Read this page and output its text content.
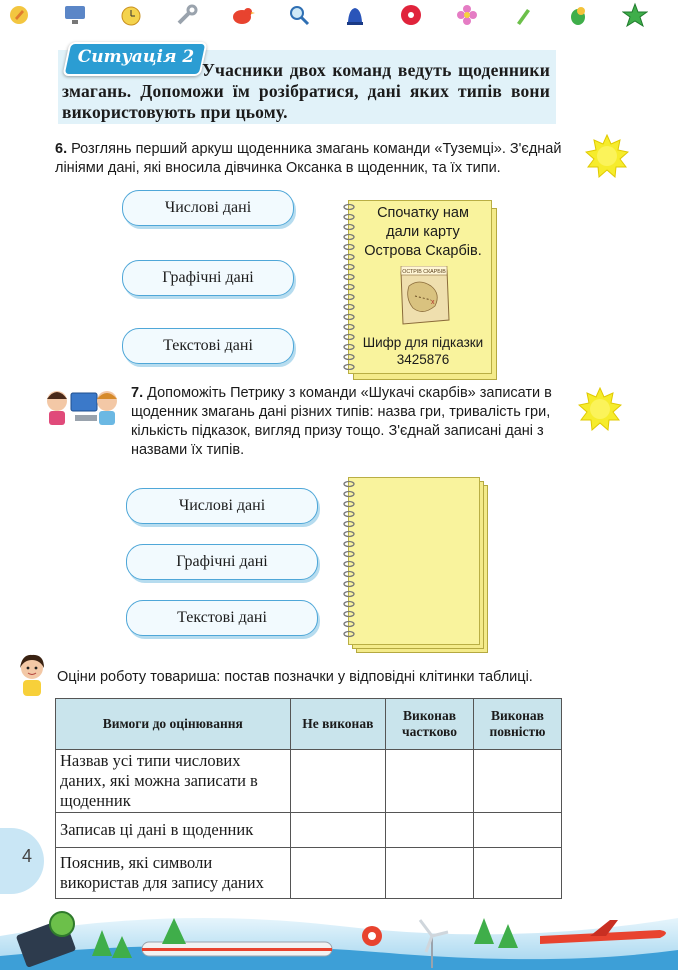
Ситуація 2
Учасники двох команд ведуть щоденники змагань. Допоможи їм розібратися, дані яких типів вони використовують при цьому.
6. Розглянь перший аркуш щоденника змагань команди «Туземці». З'єднай лініями дані, які вносила дівчинка Оксанка в щоденник, та їх типи.
Числові дані
Графічні дані
Текстові дані
Спочатку нам дали карту Острова Скарбів.
x
ОСТРІВ СКАРБІВ
Шифр для підказки
3425876
7. Допоможіть Петрику з команди «Шукачі скарбів» записати в щоденник змагань дані різних типів: назва гри, тривалість гри, кількість підказок, вигляд призу тощо. З'єднай записані дані з назвами їх типів.
Числові дані
Графічні дані
Текстові дані
Оціни роботу товариша: постав позначки у відповідні клітинки таблиці.
Вимоги до оцінювання	Не виконав	Виконав частково	Виконав повністю
Назвав усі типи числових даних, які можна записати в щоденник			
Записав ці дані в щоденник			
Пояснив, які символи використав для запису даних			
4
